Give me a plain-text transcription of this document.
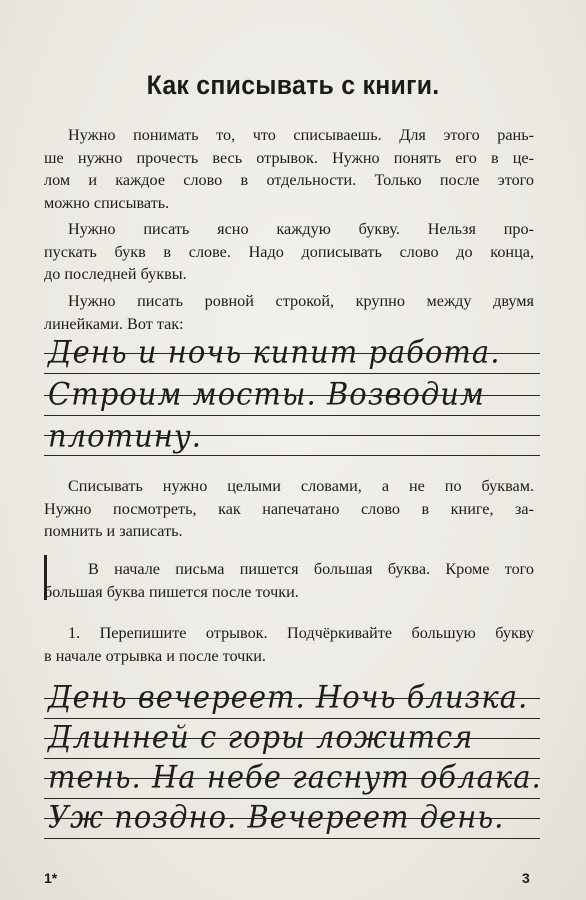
Как списывать с книги.
Нужно понимать то, что списываешь. Для этого рань-
ше нужно прочесть весь отрывок. Нужно понять его в це-
лом и каждое слово в отдельности. Только после этого
можно списывать.
Нужно писать ясно каждую букву. Нельзя про-
пускать букв в слове. Надо дописывать слово до конца,
до последней буквы.
Нужно писать ровной строкой, крупно между двумя
линейками. Вот так:
День и ночь кипит работа.
Строим мосты. Возводим
плотину.
Списывать нужно целыми словами, а не по буквам.
Нужно посмотреть, как напечатано слово в книге, за-
помнить и записать.
В начале письма пишется большая буква. Кроме того
большая буква пишется после точки.
1. Перепишите отрывок. Подчёркивайте большую букву
в начале отрывка и после точки.
День вечереет. Ночь близка.
Длинней с горы ложится
тень. На небе гаснут облака.
Уж поздно. Вечереет день.
1*	3
